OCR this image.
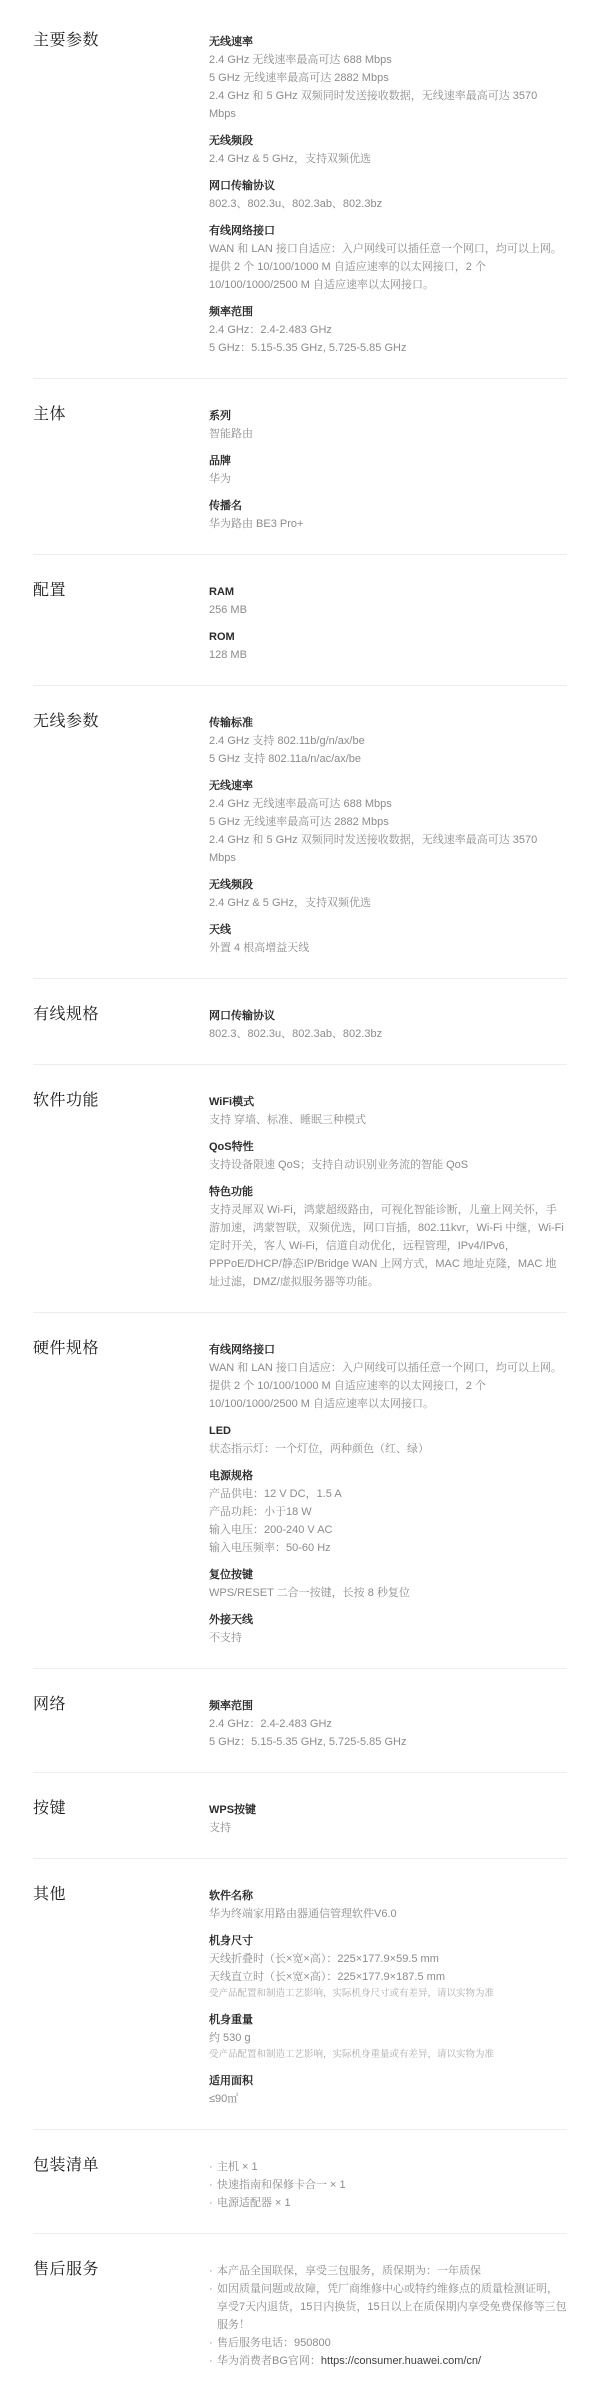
主要参数	无线速率
2.4 GHz 无线速率最高可达 688 Mbps
5 GHz 无线速率最高可达 2882 Mbps
2.4 GHz 和 5 GHz 双频同时发送接收数据，无线速率最高可达 3570 Mbps
无线频段
2.4 GHz & 5 GHz，支持双频优选
网口传输协议
802.3、802.3u、802.3ab、802.3bz
有线网络接口
WAN 和 LAN 接口自适应：入户网线可以插任意一个网口，均可以上网。提供 2 个 10/100/1000 M 自适应速率的以太网接口，2 个 10/100/1000/2500 M 自适应速率以太网接口。
频率范围
2.4 GHz：2.4-2.483 GHz
5 GHz：5.15-5.35 GHz, 5.725-5.85 GHz
主体	系列
智能路由
品牌
华为
传播名
华为路由 BE3 Pro+
配置	RAM
256 MB
ROM
128 MB
无线参数	传输标准
2.4 GHz 支持 802.11b/g/n/ax/be
5 GHz 支持 802.11a/n/ac/ax/be
无线速率
2.4 GHz 无线速率最高可达 688 Mbps
5 GHz 无线速率最高可达 2882 Mbps
2.4 GHz 和 5 GHz 双频同时发送接收数据，无线速率最高可达 3570 Mbps
无线频段
2.4 GHz & 5 GHz，支持双频优选
天线
外置 4 根高增益天线
有线规格	网口传输协议
802.3、802.3u、802.3ab、802.3bz
软件功能	WiFi模式
支持 穿墙、标准、睡眠三种模式
QoS特性
支持设备限速 QoS；支持自动识别业务流的智能 QoS
特色功能
支持灵犀双 Wi-Fi，鸿蒙超级路由，可视化智能诊断，儿童上网关怀，手游加速，鸿蒙智联，双频优选，网口盲插，802.11kvr，Wi-Fi 中继，Wi-Fi 定时开关，客人 Wi-Fi，信道自动优化，远程管理，IPv4/IPv6，PPPoE/DHCP/静态IP/Bridge WAN 上网方式，MAC 地址克隆，MAC 地址过滤，DMZ/虚拟服务器等功能。
硬件规格	有线网络接口
WAN 和 LAN 接口自适应：入户网线可以插任意一个网口，均可以上网。提供 2 个 10/100/1000 M 自适应速率的以太网接口，2 个 10/100/1000/2500 M 自适应速率以太网接口。
LED
状态指示灯：一个灯位，两种颜色（红、绿）
电源规格
产品供电：12 V DC，1.5 A
产品功耗：小于18 W
输入电压：200-240 V AC
输入电压频率：50-60 Hz
复位按键
WPS/RESET 二合一按键，长按 8 秒复位
外接天线
不支持
网络	频率范围
2.4 GHz：2.4-2.483 GHz
5 GHz：5.15-5.35 GHz, 5.725-5.85 GHz
按键	WPS按键
支持
其他	软件名称
华为终端家用路由器通信管理软件V6.0
机身尺寸
天线折叠时（长×宽×高）：225×177.9×59.5 mm
天线直立时（长×宽×高）：225×177.9×187.5 mm
受产品配置和制造工艺影响，实际机身尺寸或有差异，请以实物为准
机身重量
约 530 g
受产品配置和制造工艺影响，实际机身重量或有差异，请以实物为准
适用面积
≤90㎡
包装清单	· 主机 × 1
· 快速指南和保修卡合一 × 1
· 电源适配器 × 1
售后服务	· 本产品全国联保，享受三包服务，质保期为：一年质保
· 如因质量问题或故障，凭厂商维修中心或特约维修点的质量检测证明，享受7天内退货，15日内换货，15日以上在质保期内享受免费保修等三包服务！
· 售后服务电话：950800
· 华为消费者BG官网：https://consumer.huawei.com/cn/
